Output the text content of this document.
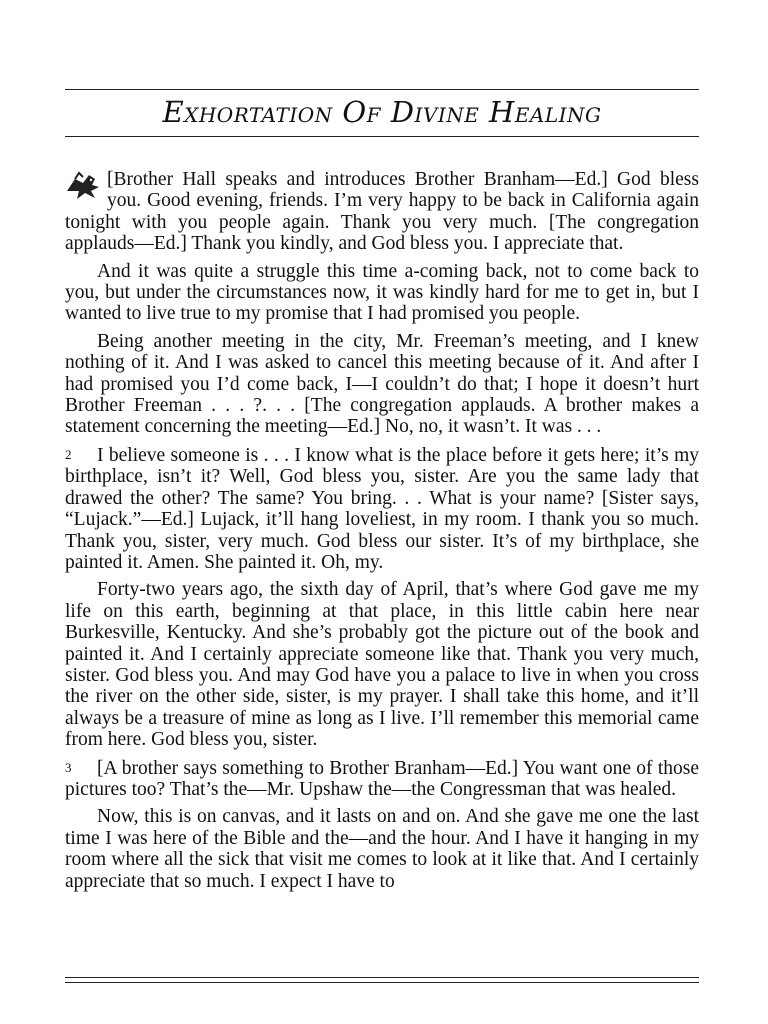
Exhortation Of Divine Healing

[Brother Hall speaks and introduces Brother Branham—Ed.] God bless you. Good evening, friends. I’m very happy to be back in California again tonight with you people again. Thank you very much. [The congregation applauds—Ed.] Thank you kindly, and God bless you. I appreciate that.

And it was quite a struggle this time a-coming back, not to come back to you, but under the circumstances now, it was kindly hard for me to get in, but I wanted to live true to my promise that I had promised you people.

Being another meeting in the city, Mr. Freeman’s meeting, and I knew nothing of it. And I was asked to cancel this meeting because of it. And after I had promised you I’d come back, I—I couldn’t do that; I hope it doesn’t hurt Brother Freeman . . . ?. . . [The congregation applauds. A brother makes a statement concerning the meeting—Ed.] No, no, it wasn’t. It was . . .

2 I believe someone is . . . I know what is the place before it gets here; it’s my birthplace, isn’t it? Well, God bless you, sister. Are you the same lady that drawed the other? The same? You bring. . . What is your name? [Sister says, “Lujack.”—Ed.] Lujack, it’ll hang loveliest, in my room. I thank you so much. Thank you, sister, very much. God bless our sister. It’s of my birthplace, she painted it. Amen. She painted it. Oh, my.

Forty-two years ago, the sixth day of April, that’s where God gave me my life on this earth, beginning at that place, in this little cabin here near Burkesville, Kentucky. And she’s probably got the picture out of the book and painted it. And I certainly appreciate someone like that. Thank you very much, sister. God bless you. And may God have you a palace to live in when you cross the river on the other side, sister, is my prayer. I shall take this home, and it’ll always be a treasure of mine as long as I live. I’ll remember this memorial came from here. God bless you, sister.

3 [A brother says something to Brother Branham—Ed.] You want one of those pictures too? That’s the—Mr. Upshaw the—the Congressman that was healed.

Now, this is on canvas, and it lasts on and on. And she gave me one the last time I was here of the Bible and the—and the hour. And I have it hanging in my room where all the sick that visit me comes to look at it like that. And I certainly appreciate that so much. I expect I have to
